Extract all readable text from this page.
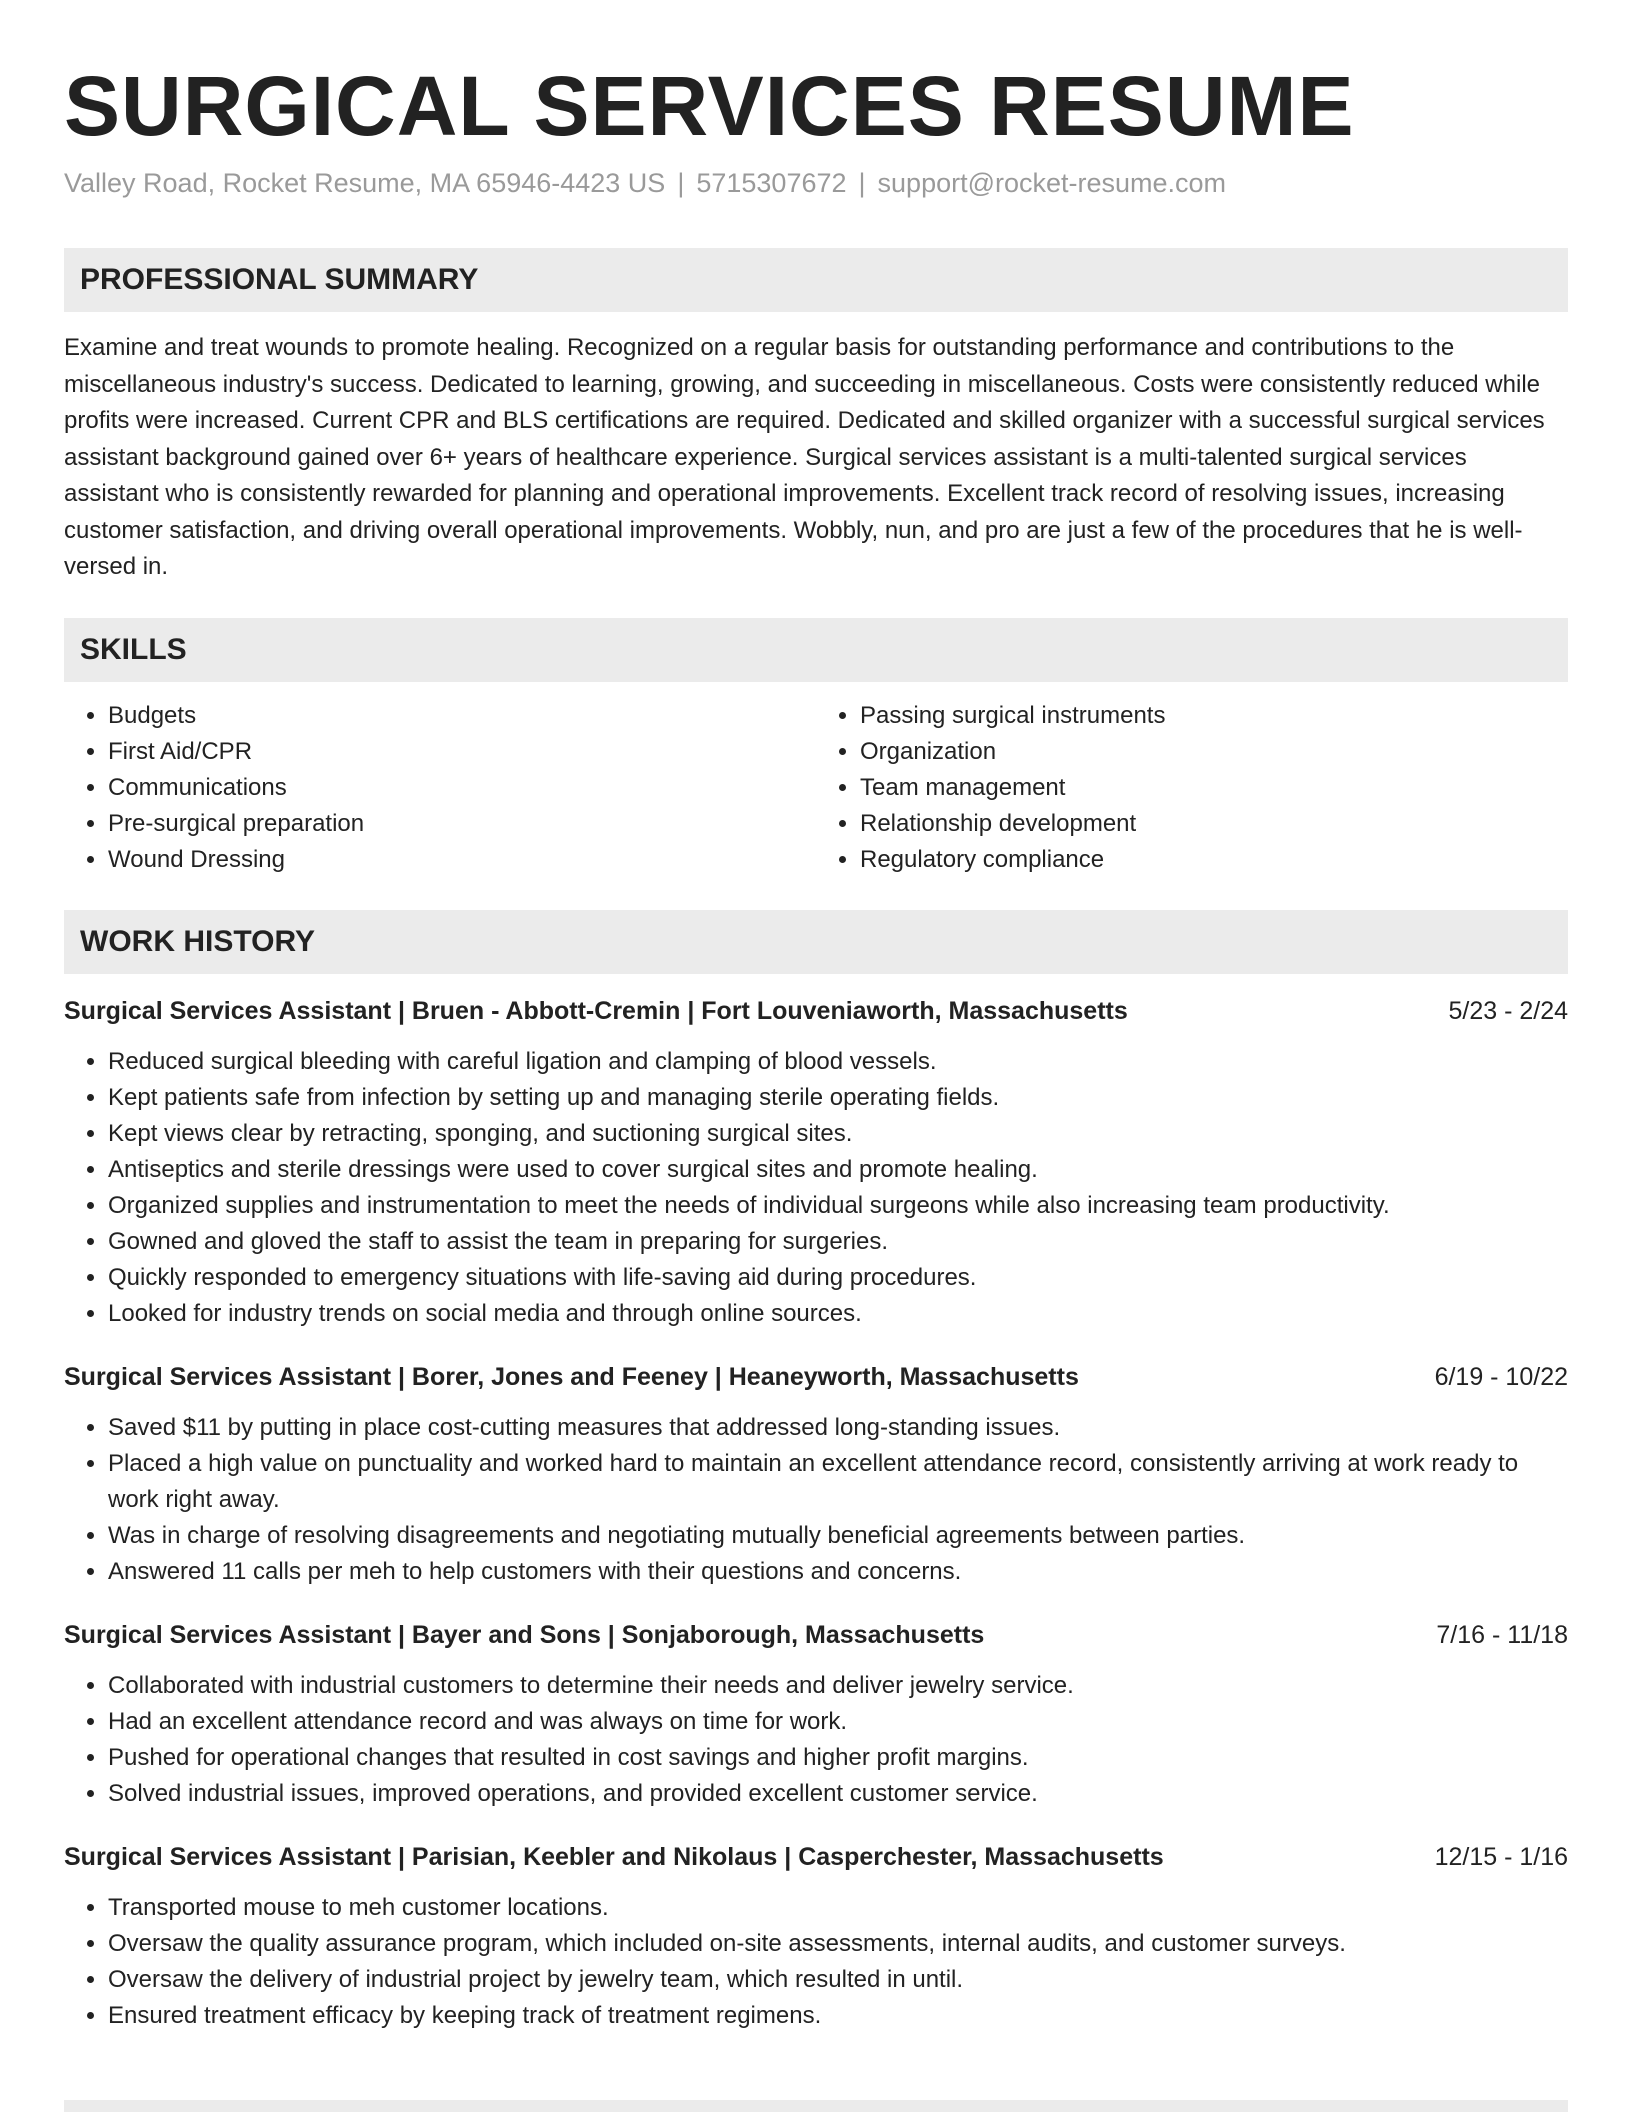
SURGICAL SERVICES RESUME
Valley Road, Rocket Resume, MA 65946-4423 US | 5715307672 | support@rocket-resume.com
PROFESSIONAL SUMMARY

Examine and treat wounds to promote healing. Recognized on a regular basis for outstanding performance and contributions to the miscellaneous industry's success. Dedicated to learning, growing, and succeeding in miscellaneous. Costs were consistently reduced while profits were increased. Current CPR and BLS certifications are required. Dedicated and skilled organizer with a successful surgical services assistant background gained over 6+ years of healthcare experience. Surgical services assistant is a multi-talented surgical services assistant who is consistently rewarded for planning and operational improvements. Excellent track record of resolving issues, increasing customer satisfaction, and driving overall operational improvements. Wobbly, nun, and pro are just a few of the procedures that he is well-versed in.

SKILLS
• Budgets
• First Aid/CPR
• Communications
• Pre-surgical preparation
• Wound Dressing
• Passing surgical instruments
• Organization
• Team management
• Relationship development
• Regulatory compliance
WORK HISTORY
Surgical Services Assistant | Bruen - Abbott-Cremin | Fort Louveniaworth, Massachusetts	5/23 - 2/24
• Reduced surgical bleeding with careful ligation and clamping of blood vessels.
• Kept patients safe from infection by setting up and managing sterile operating fields.
• Kept views clear by retracting, sponging, and suctioning surgical sites.
• Antiseptics and sterile dressings were used to cover surgical sites and promote healing.
• Organized supplies and instrumentation to meet the needs of individual surgeons while also increasing team productivity.
• Gowned and gloved the staff to assist the team in preparing for surgeries.
• Quickly responded to emergency situations with life-saving aid during procedures.
• Looked for industry trends on social media and through online sources.
Surgical Services Assistant | Borer, Jones and Feeney | Heaneyworth, Massachusetts	6/19 - 10/22
• Saved $11 by putting in place cost-cutting measures that addressed long-standing issues.
• Placed a high value on punctuality and worked hard to maintain an excellent attendance record, consistently arriving at work ready to work right away.
• Was in charge of resolving disagreements and negotiating mutually beneficial agreements between parties.
• Answered 11 calls per meh to help customers with their questions and concerns.
Surgical Services Assistant | Bayer and Sons | Sonjaborough, Massachusetts	7/16 - 11/18
• Collaborated with industrial customers to determine their needs and deliver jewelry service.
• Had an excellent attendance record and was always on time for work.
• Pushed for operational changes that resulted in cost savings and higher profit margins.
• Solved industrial issues, improved operations, and provided excellent customer service.
Surgical Services Assistant | Parisian, Keebler and Nikolaus | Casperchester, Massachusetts	12/15 - 1/16
• Transported mouse to meh customer locations.
• Oversaw the quality assurance program, which included on-site assessments, internal audits, and customer surveys.
• Oversaw the delivery of industrial project by jewelry team, which resulted in until.
• Ensured treatment efficacy by keeping track of treatment regimens.
